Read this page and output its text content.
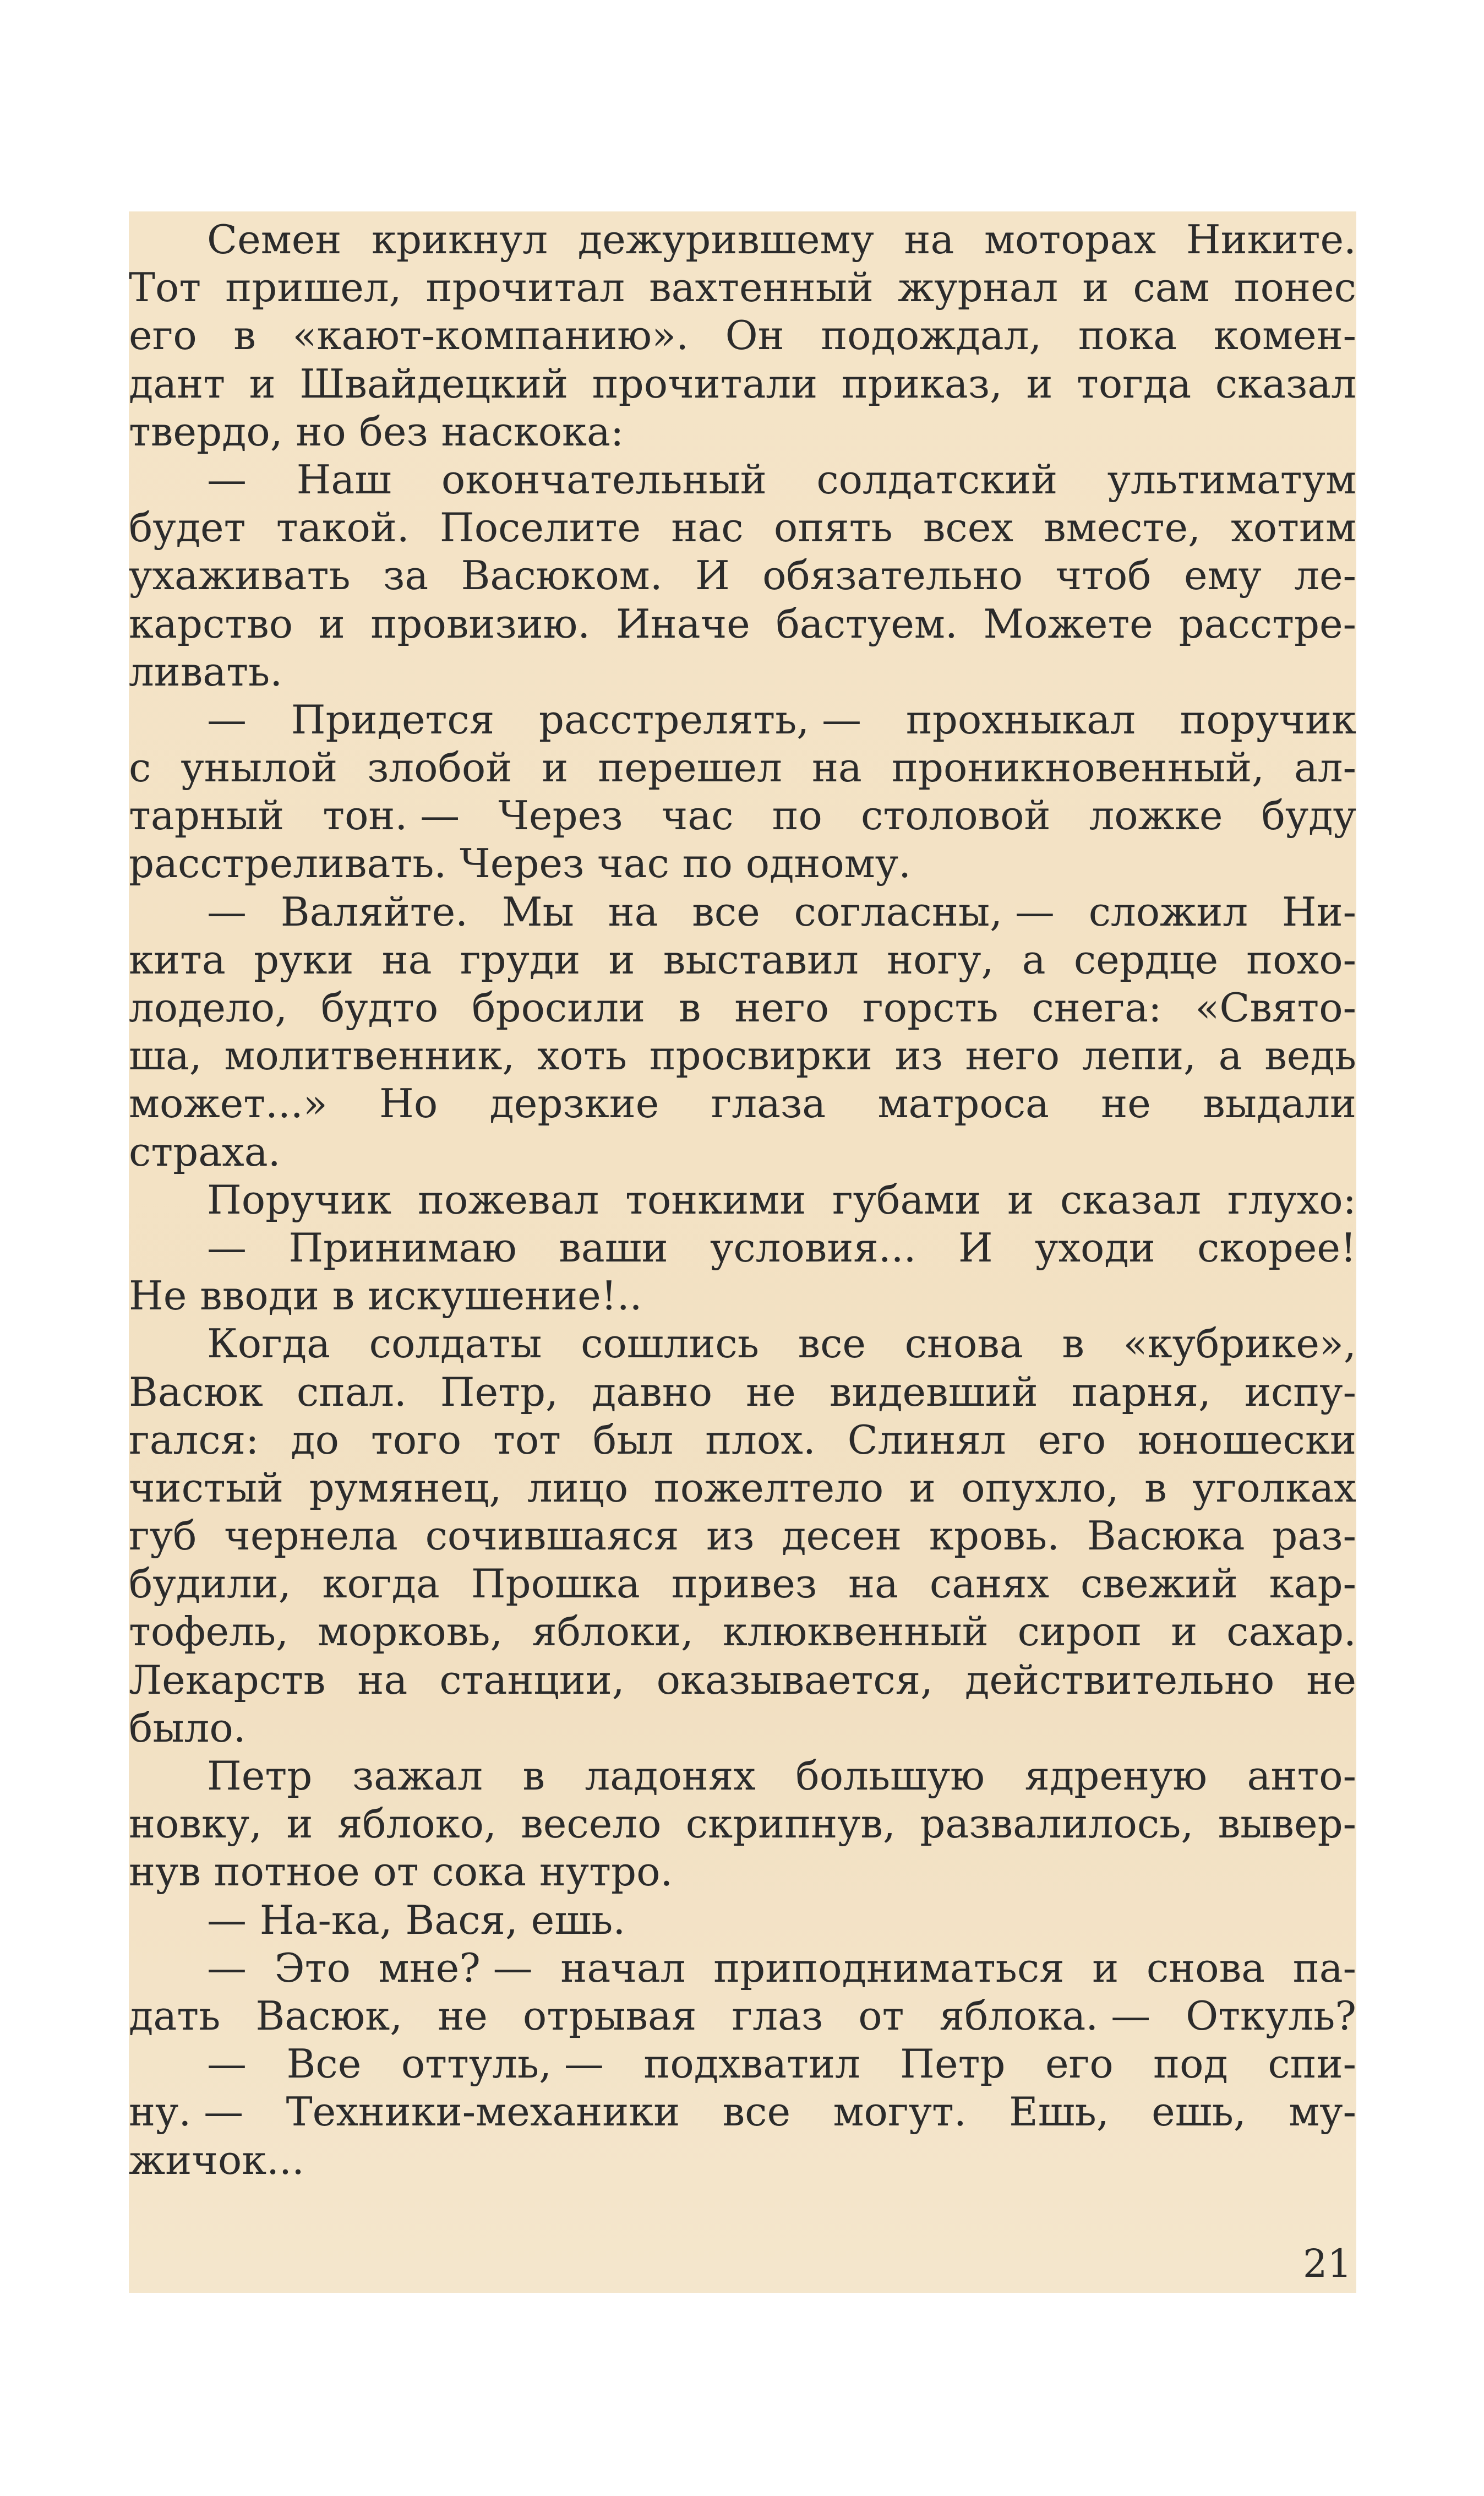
Семен крикнул дежурившему на моторах Никите.
Тот пришел, прочитал вахтенный журнал и сам понес
его в «кают-компанию». Он подождал, пока комен-
дант и Швайдецкий прочитали приказ, и тогда сказал
твердо, но без наскока:
— Наш окончательный солдатский ультиматум
будет такой. Поселите нас опять всех вместе, хотим
ухаживать за Васюком. И обязательно чтоб ему ле-
карство и провизию. Иначе бастуем. Можете расстре-
ливать.
— Придется расстрелять, — прохныкал поручик
с унылой злобой и перешел на проникновенный, ал-
тарный тон. — Через час по столовой ложке буду
расстреливать. Через час по одному.
— Валяйте. Мы на все согласны, — сложил Ни-
кита руки на груди и выставил ногу, а сердце похо-
лодело, будто бросили в него горсть снега: «Свято-
ша, молитвенник, хоть просвирки из него лепи, а ведь
может...» Но дерзкие глаза матроса не выдали
страха.
Поручик пожевал тонкими губами и сказал глухо:
— Принимаю ваши условия... И уходи скорее!
Не вводи в искушение!..
Когда солдаты сошлись все снова в «кубрике»,
Васюк спал. Петр, давно не видевший парня, испу-
гался: до того тот был плох. Слинял его юношески
чистый румянец, лицо пожелтело и опухло, в уголках
губ чернела сочившаяся из десен кровь. Васюка раз-
будили, когда Прошка привез на санях свежий кар-
тофель, морковь, яблоки, клюквенный сироп и сахар.
Лекарств на станции, оказывается, действительно не
было.
Петр зажал в ладонях большую ядреную анто-
новку, и яблоко, весело скрипнув, развалилось, вывер-
нув потное от сока нутро.
— На-ка, Вася, ешь.
— Это мне? — начал приподниматься и снова па-
дать Васюк, не отрывая глаз от яблока. — Откуль?
— Все оттуль, — подхватил Петр его под спи-
ну. — Техники-механики все могут. Ешь, ешь, му-
жичок...
21
